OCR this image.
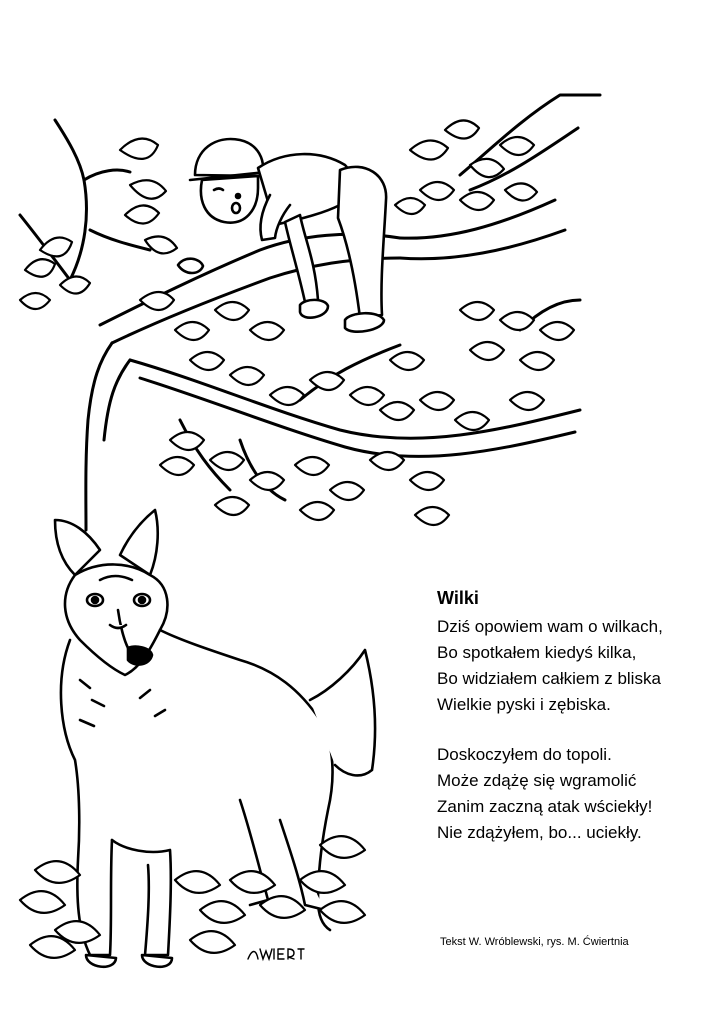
Wilki
Dziś opowiem wam o wilkach,
Bo spotkałem kiedyś kilka,
Bo widziałem całkiem z bliska
Wielkie pyski i zębiska.
Doskoczyłem do topoli.
Może zdążę się wgramolić
Zanim zaczną atak wściekły!
Nie zdążyłem, bo... uciekły.
Tekst W. Wróblewski, rys. M. Ćwiertnia
